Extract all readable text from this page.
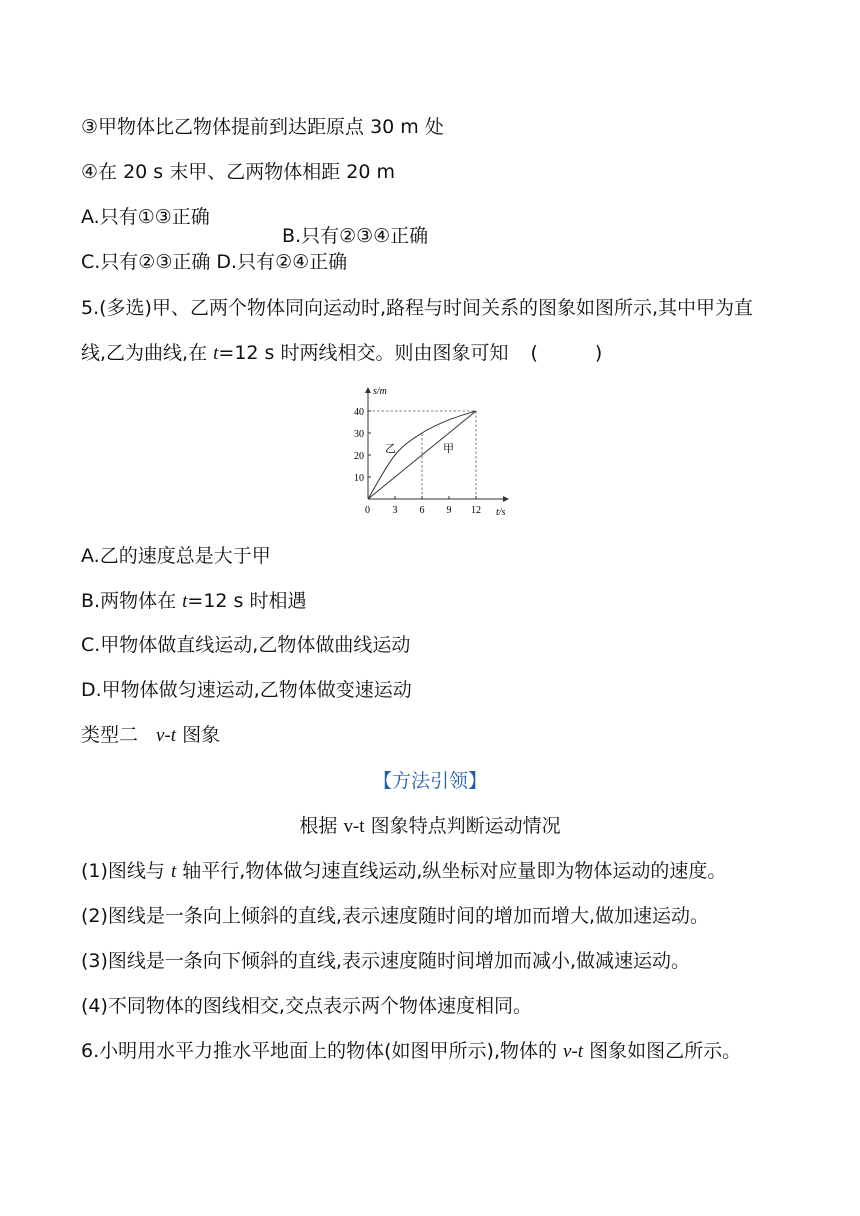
③甲物体比乙物体提前到达距原点 30 m 处

④在 20 s 末甲、乙两物体相距 20 m

A.只有①③正确

B.只有②③④正确

C.只有②③正确 D.只有②④正确

5.(多选)甲、乙两个物体同向运动时,路程与时间关系的图象如图所示,其中甲为直

线,乙为曲线,在 t=12 s 时两线相交。则由图象可知 (　　　)

3 6 9 12
10
20
30
40
s/m
t/s
0
乙	甲

A.乙的速度总是大于甲

B.两物体在 t=12 s 时相遇

C.甲物体做直线运动,乙物体做曲线运动

D.甲物体做匀速运动,乙物体做变速运动

类型二 v-t 图象

【方法引领】
根据 v-t 图象特点判断运动情况

(1)图线与 t 轴平行,物体做匀速直线运动,纵坐标对应量即为物体运动的速度。

(2)图线是一条向上倾斜的直线,表示速度随时间的增加而增大,做加速运动。

(3)图线是一条向下倾斜的直线,表示速度随时间增加而减小,做减速运动。

(4)不同物体的图线相交,交点表示两个物体速度相同。

6.小明用水平力推水平地面上的物体(如图甲所示),物体的 v-t 图象如图乙所示。
